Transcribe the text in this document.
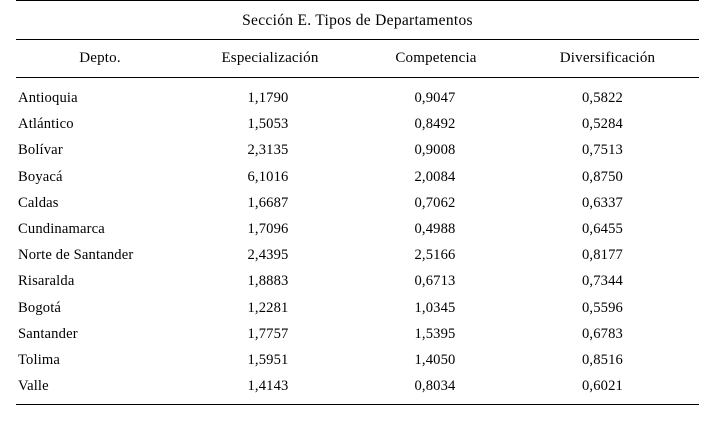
Sección E. Tipos de Departamentos
Depto.	Especialización	Competencia	Diversificación
Antioquia	1,1790	0,9047	0,5822
Atlántico	1,5053	0,8492	0,5284
Bolívar	2,3135	0,9008	0,7513
Boyacá	6,1016	2,0084	0,8750
Caldas	1,6687	0,7062	0,6337
Cundinamarca	1,7096	0,4988	0,6455
Norte de Santander	2,4395	2,5166	0,8177
Risaralda	1,8883	0,6713	0,7344
Bogotá	1,2281	1,0345	0,5596
Santander	1,7757	1,5395	0,6783
Tolima	1,5951	1,4050	0,8516
Valle	1,4143	0,8034	0,6021
